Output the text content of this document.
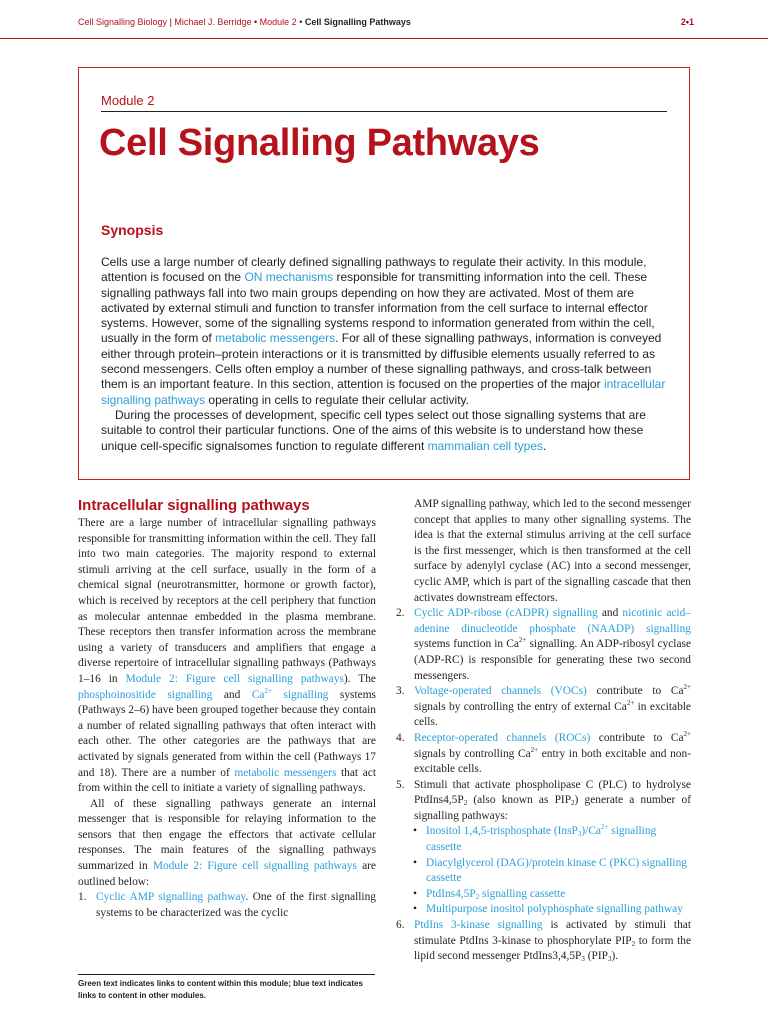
Cell Signalling Biology | Michael J. Berridge • Module 2 • Cell Signalling Pathways	2•1
Module 2
Cell Signalling Pathways
Synopsis

Cells use a large number of clearly defined signalling pathways to regulate their activity. In this module, attention is focused on the ON mechanisms responsible for transmitting information into the cell. These signalling pathways fall into two main groups depending on how they are activated. Most of them are activated by external stimuli and function to transfer information from the cell surface to internal effector systems. However, some of the signalling systems respond to information generated from within the cell, usually in the form of metabolic messengers. For all of these signalling pathways, information is conveyed either through protein–protein interactions or it is transmitted by diffusible elements usually referred to as second messengers. Cells often employ a number of these signalling pathways, and cross-talk between them is an important feature. In this section, attention is focused on the properties of the major intracellular signalling pathways operating in cells to regulate their cellular activity.

During the processes of development, specific cell types select out those signalling systems that are suitable to control their particular functions. One of the aims of this website is to understand how these unique cell-specific signalsomes function to regulate different mammalian cell types.

Intracellular signalling pathways

There are a large number of intracellular signalling pathways responsible for transmitting information within the cell. They fall into two main categories. The majority respond to external stimuli arriving at the cell surface, usually in the form of a chemical signal (neurotransmitter, hormone or growth factor), which is received by receptors at the cell periphery that function as molecular antennae embedded in the plasma membrane. These receptors then transfer information across the membrane using a variety of transducers and amplifiers that engage a diverse repertoire of intracellular signalling pathways (Pathways 1–16 in Module 2: Figure cell signalling pathways). The phosphoinositide signalling and $Ca^{2+}$ signalling systems (Pathways 2–6) have been grouped together because they contain a number of related signalling pathways that often interact with each other. The other categories are the pathways that are activated by signals generated from within the cell (Pathways 17 and 18). There are a number of metabolic messengers that act from within the cell to initiate a variety of signalling pathways.

All of these signalling pathways generate an internal messenger that is responsible for relaying information to the sensors that then engage the effectors that activate cellular responses. The main features of the signalling pathways summarized in Module 2: Figure cell signalling pathways are outlined below:

1. Cyclic AMP signalling pathway. One of the first signalling systems to be characterized was the cyclic
AMP signalling pathway, which led to the second messenger concept that applies to many other signalling systems. The idea is that the external stimulus arriving at the cell surface is the first messenger, which is then transformed at the cell surface by adenylyl cyclase (AC) into a second messenger, cyclic AMP, which is part of the signalling cascade that then activates downstream effectors.
2. Cyclic ADP-ribose (cADPR) signalling and nicotinic acid–adenine dinucleotide phosphate (NAADP) signalling systems function in $Ca^{2+}$ signalling. An ADP-ribosyl cyclase (ADP-RC) is responsible for generating these two second messengers.
3. Voltage-operated channels (VOCs) contribute to $Ca^{2+}$ signals by controlling the entry of external $Ca^{2+}$ in excitable cells.
4. Receptor-operated channels (ROCs) contribute to $Ca^{2+}$ signals by controlling $Ca^{2+}$ entry in both excitable and non-excitable cells.
5. Stimuli that activate phospholipase C (PLC) to hydrolyse $PtdIns4,5P_2$ (also known as $PIP_2$) generate a number of signalling pathways:
• Inositol 1,4,5-trisphosphate $(InsP_3)/Ca^{2+}$ signalling cassette
• Diacylglycerol (DAG)/protein kinase C (PKC) signalling cassette
• $PtdIns4,5P_2$ signalling cassette
• Multipurpose inositol polyphosphate signalling pathway
6. PtdIns 3-kinase signalling is activated by stimuli that stimulate PtdIns 3-kinase to phosphorylate $PIP_2$ to form the lipid second messenger $PtdIns3,4,5P_3$ $(PIP_3)$.
Green text indicates links to content within this module; blue text indicates links to content in other modules.
